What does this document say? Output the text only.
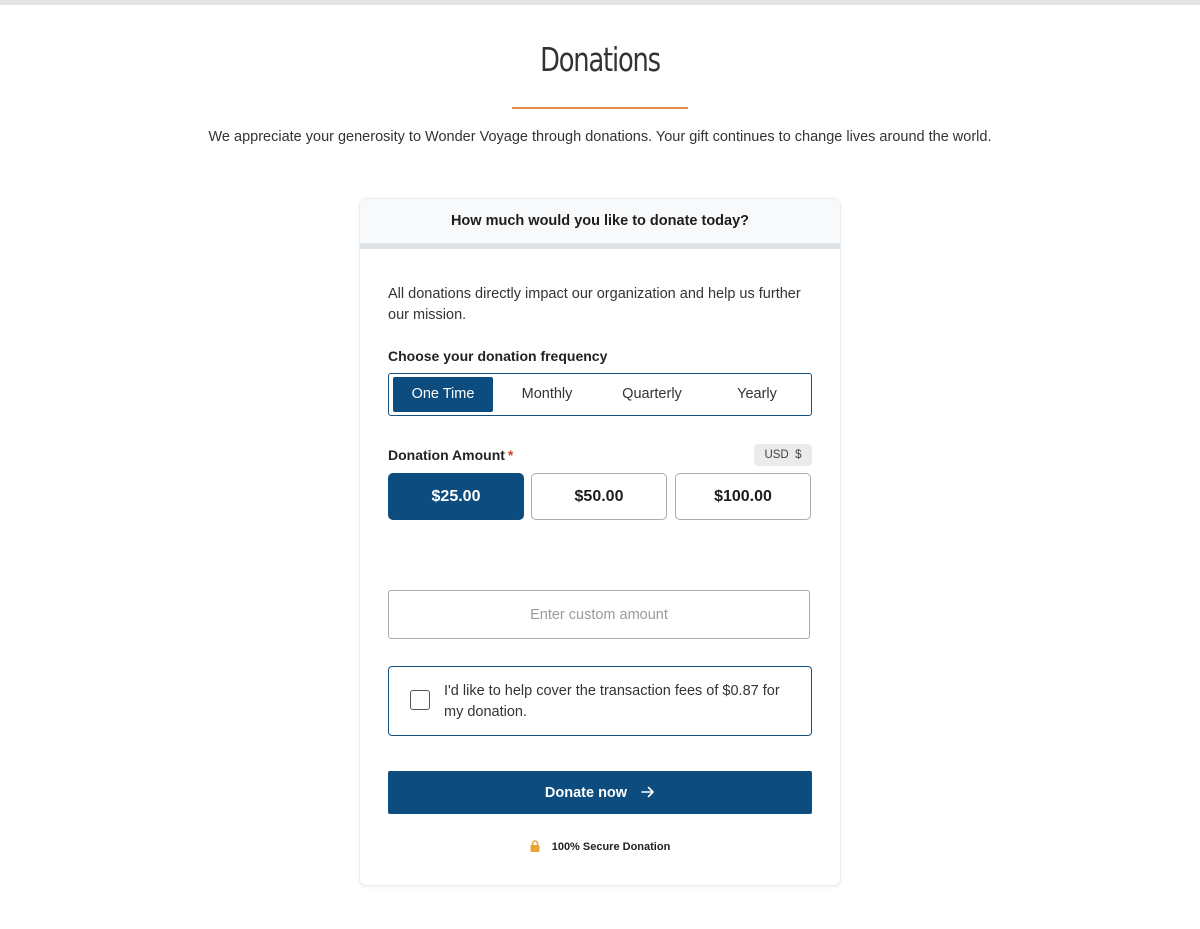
Donations
We appreciate your generosity to Wonder Voyage through donations. Your gift continues to change lives around the world.
How much would you like to donate today?
All donations directly impact our organization and help us further our mission.
Choose your donation frequency
One Time	Monthly	Quarterly	Yearly
Donation Amount *	USD  $
$25.00	$50.00	$100.00
Enter custom amount
I'd like to help cover the transaction fees of $0.87 for my donation.
Donate now
100% Secure Donation
